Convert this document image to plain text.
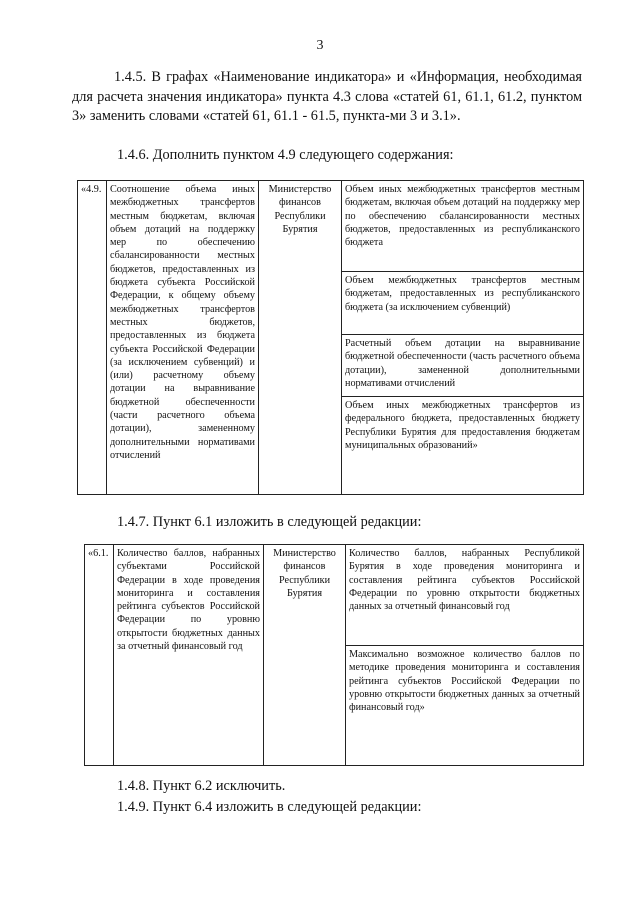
3
1.4.5. В графах «Наименование индикатора» и «Информация, необходимая для расчета значения индикатора» пункта 4.3 слова «статей 61, 61.1, 61.2, пунктом 3» заменить словами «статей 61, 61.1 - 61.5, пункта-ми 3 и 3.1».
1.4.6. Дополнить пунктом 4.9 следующего содержания:
«4.9.	Соотношение объема иных межбюджетных трансфертов местным бюджетам, включая объем дотаций на поддержку мер по обеспечению сбалансированности местных бюджетов, предоставленных из бюджета субъекта Российской Федерации, к общему объему межбюджетных трансфертов местных бюджетов, предоставленных из бюджета субъекта Российской Федерации (за исключением субвенций) и (или) расчетному объему дотации на выравнивание бюджетной обеспеченности (части расчетного объема дотации), замененному дополнительными нормативами отчислений	Министерство финансов Республики Бурятия	Объем иных межбюджетных трансфертов местным бюджетам, включая объем дотаций на поддержку мер по обеспечению сбалансированности местных бюджетов, предоставленных из республиканского бюджета
Объем межбюджетных трансфертов местным бюджетам, предоставленных из республиканского бюджета (за исключением субвенций)
Расчетный объем дотации на выравнивание бюджетной обеспеченности (часть расчетного объема дотации), замененной дополнительными нормативами отчислений
Объем иных межбюджетных трансфертов из федерального бюджета, предоставленных бюджету Республики Бурятия для предоставления бюджетам муниципальных образований»
1.4.7. Пункт 6.1 изложить в следующей редакции:
«6.1.	Количество баллов, набранных субъектами Российской Федерации в ходе проведения мониторинга и составления рейтинга субъектов Российской Федерации по уровню открытости бюджетных данных за отчетный финансовый год	Министерство финансов Республики Бурятия	Количество баллов, набранных Республикой Бурятия в ходе проведения мониторинга и составления рейтинга субъектов Российской Федерации по уровню открытости бюджетных данных за отчетный финансовый год
Максимально возможное количество баллов по методике проведения мониторинга и составления рейтинга субъектов Российской Федерации по уровню открытости бюджетных данных за отчетный финансовый год»
1.4.8. Пункт 6.2 исключить.
1.4.9. Пункт 6.4 изложить в следующей редакции:
